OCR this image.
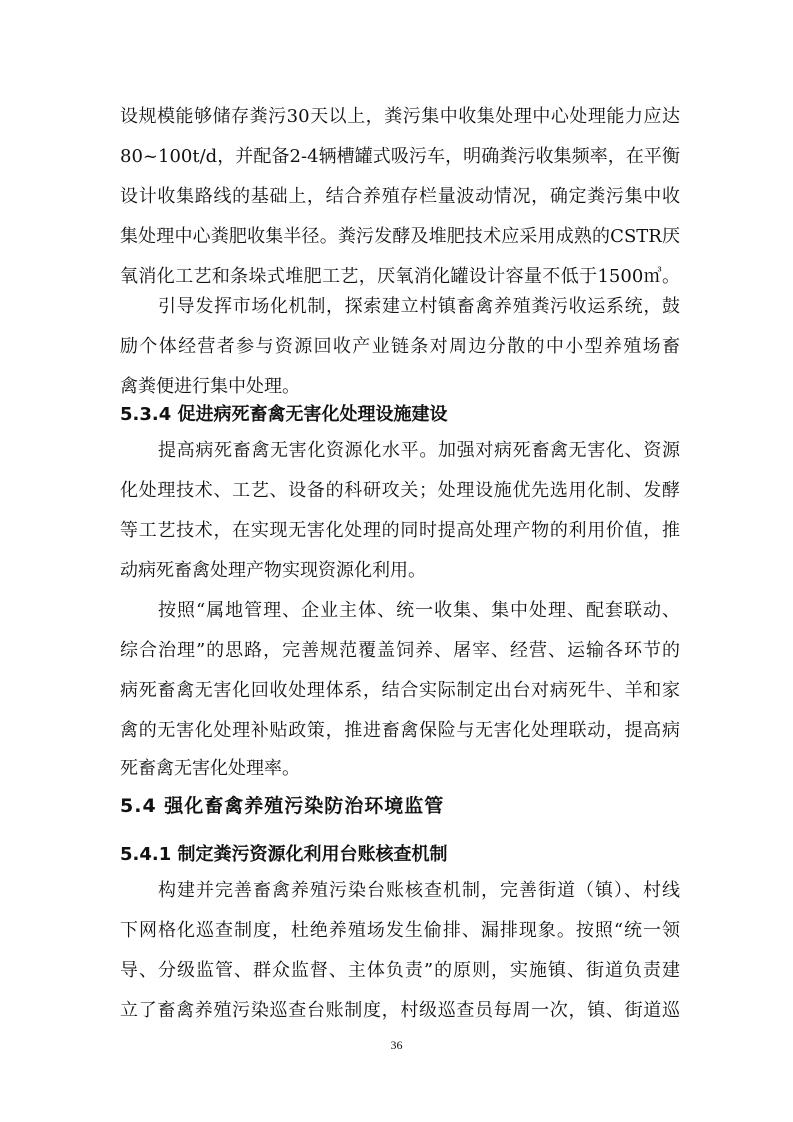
设规模能够储存粪污30天以上，粪污集中收集处理中心处理能力应达
80~100t/d，并配备2-4辆槽罐式吸污车，明确粪污收集频率，在平衡
设计收集路线的基础上，结合养殖存栏量波动情况，确定粪污集中收
集处理中心粪肥收集半径。粪污发酵及堆肥技术应采用成熟的CSTR厌
氧消化工艺和条垛式堆肥工艺，厌氧消化罐设计容量不低于1500㎥。
引导发挥市场化机制，探索建立村镇畜禽养殖粪污收运系统，鼓
励个体经营者参与资源回收产业链条对周边分散的中小型养殖场畜
禽粪便进行集中处理。
5.3.4 促进病死畜禽无害化处理设施建设
提高病死畜禽无害化资源化水平。加强对病死畜禽无害化、资源
化处理技术、工艺、设备的科研攻关；处理设施优先选用化制、发酵
等工艺技术，在实现无害化处理的同时提高处理产物的利用价值，推
动病死畜禽处理产物实现资源化利用。
按照“属地管理、企业主体、统一收集、集中处理、配套联动、
综合治理”的思路，完善规范覆盖饲养、屠宰、经营、运输各环节的
病死畜禽无害化回收处理体系，结合实际制定出台对病死牛、羊和家
禽的无害化处理补贴政策，推进畜禽保险与无害化处理联动，提高病
死畜禽无害化处理率。
5.4 强化畜禽养殖污染防治环境监管
5.4.1 制定粪污资源化利用台账核查机制
构建并完善畜禽养殖污染台账核查机制，完善街道（镇）、村线
下网格化巡查制度，杜绝养殖场发生偷排、漏排现象。按照“统一领
导、分级监管、群众监督、主体负责”的原则，实施镇、街道负责建
立了畜禽养殖污染巡查台账制度，村级巡查员每周一次，镇、街道巡
36
